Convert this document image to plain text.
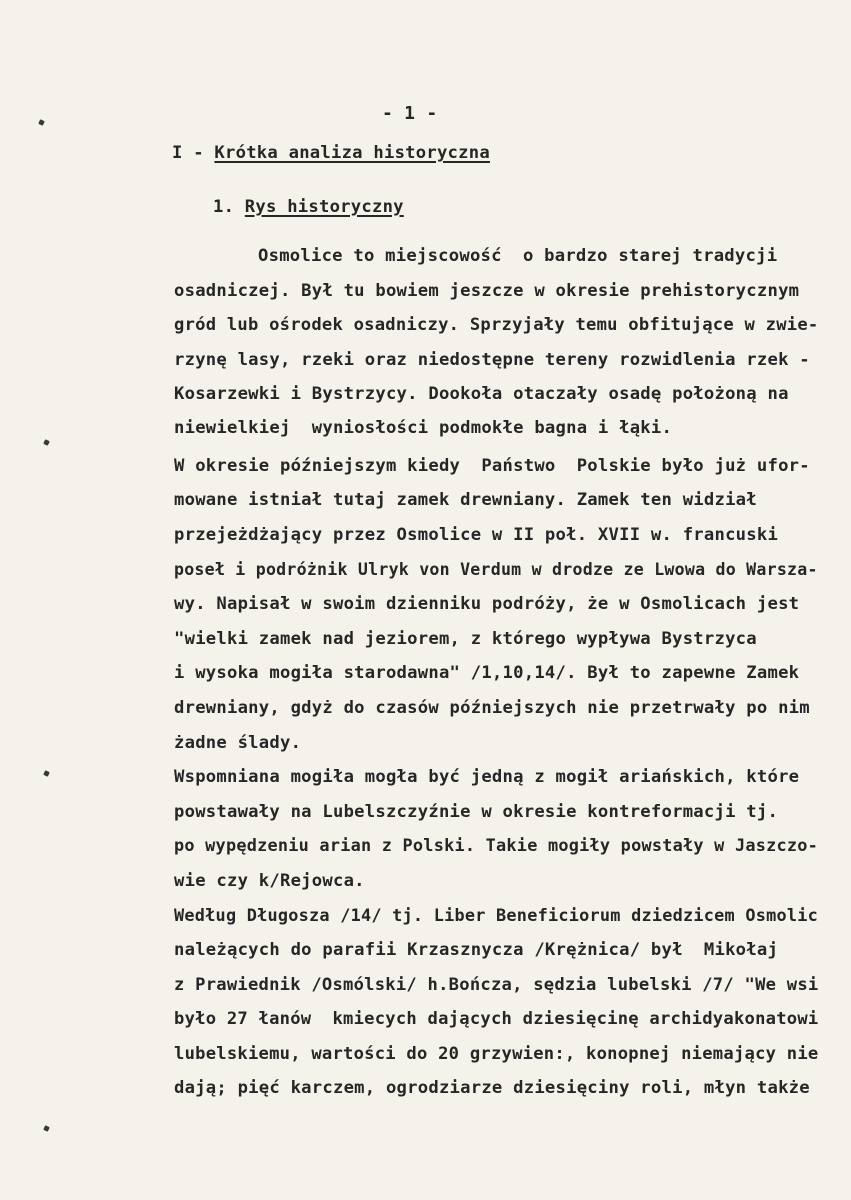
- 1 -
I - Krótka analiza historyczna
1. Rys historyczny
Osmolice to miejscowość  o bardzo starej tradycji
osadniczej. Był tu bowiem jeszcze w okresie prehistorycznym
gród lub ośrodek osadniczy. Sprzyjały temu obfitujące w zwie-
rzynę lasy, rzeki oraz niedostępne tereny rozwidlenia rzek -
Kosarzewki i Bystrzycy. Dookoła otaczały osadę położoną na
niewielkiej  wyniosłości podmokłe bagna i łąki.
W okresie późniejszym kiedy  Państwo  Polskie było już ufor-
mowane istniał tutaj zamek drewniany. Zamek ten widział
przejeżdżający przez Osmolice w II poł. XVII w. francuski
poseł i podróżnik Ulryk von Verdum w drodze ze Lwowa do Warsza-
wy. Napisał w swoim dzienniku podróży, że w Osmolicach jest
"wielki zamek nad jeziorem, z którego wypływa Bystrzyca
i wysoka mogiła starodawna" /1,10,14/. Był to zapewne Zamek
drewniany, gdyż do czasów późniejszych nie przetrwały po nim
żadne ślady.
Wspomniana mogiła mogła być jedną z mogił ariańskich, które
powstawały na Lubelszczyźnie w okresie kontreformacji tj.
po wypędzeniu arian z Polski. Takie mogiły powstały w Jaszczo-
wie czy k/Rejowca.
Według Długosza /14/ tj. Liber Beneficiorum dziedzicem Osmolic
należących do parafii Krzasznycza /Krężnica/ był  Mikołaj
z Prawiednik /Osmólski/ h.Bończa, sędzia lubelski /7/ "We wsi
było 27 łanów  kmiecych dających dziesięcinę archidyakonatowi
lubelskiemu, wartości do 20 grzywien:, konopnej niemający nie
dają; pięć karczem, ogrodziarze dziesięciny roli, młyn także
